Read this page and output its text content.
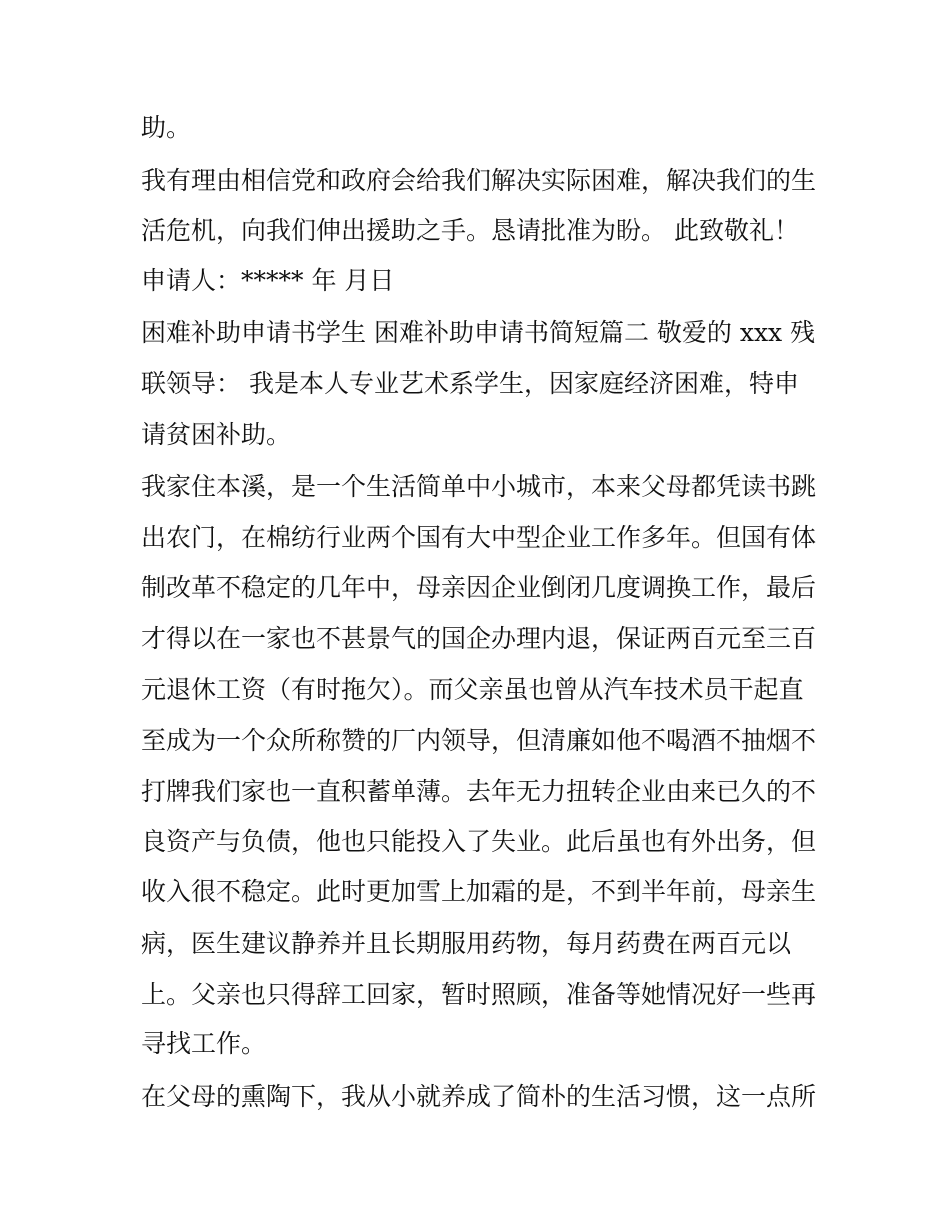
助。
我有理由相信党和政府会给我们解决实际困难，解决我们的生
活危机，向我们伸出援助之手。恳请批准为盼。 此致敬礼！
申请人：***** 年 月日
困难补助申请书学生 困难补助申请书简短篇二 敬爱的 xxx 残
联领导： 我是本人专业艺术系学生，因家庭经济困难，特申
请贫困补助。
我家住本溪，是一个生活简单中小城市，本来父母都凭读书跳
出农门，在棉纺行业两个国有大中型企业工作多年。但国有体
制改革不稳定的几年中，母亲因企业倒闭几度调换工作，最后
才得以在一家也不甚景气的国企办理内退，保证两百元至三百
元退休工资（有时拖欠）。而父亲虽也曾从汽车技术员干起直
至成为一个众所称赞的厂内领导，但清廉如他不喝酒不抽烟不
打牌我们家也一直积蓄单薄。去年无力扭转企业由来已久的不
良资产与负债，他也只能投入了失业。此后虽也有外出务，但
收入很不稳定。此时更加雪上加霜的是，不到半年前，母亲生
病，医生建议静养并且长期服用药物，每月药费在两百元以
上。父亲也只得辞工回家，暂时照顾，准备等她情况好一些再
寻找工作。
在父母的熏陶下，我从小就养成了简朴的生活习惯，这一点所
